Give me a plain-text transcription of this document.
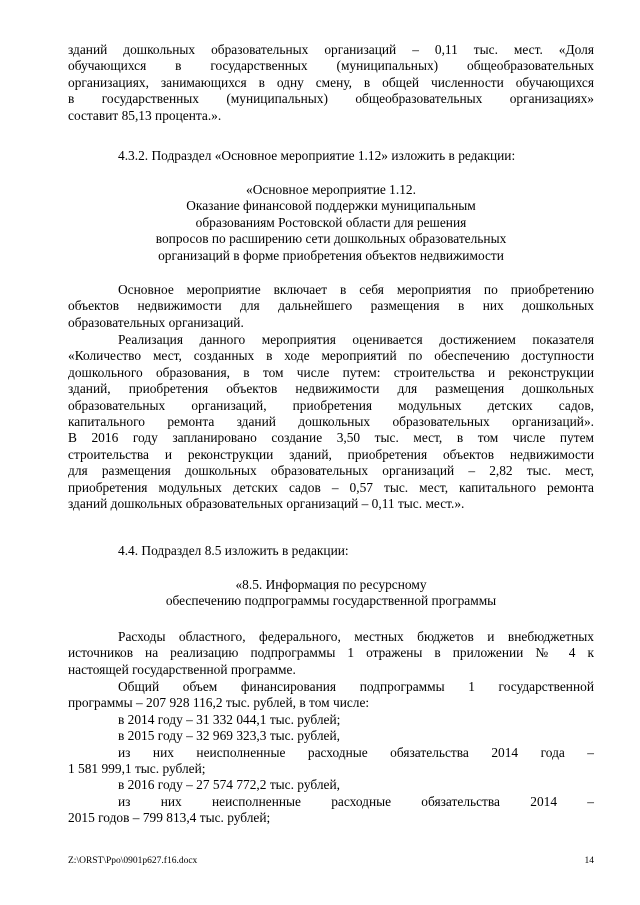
зданий дошкольных образовательных организаций – 0,11 тыс. мест. «Доля
обучающихся в государственных (муниципальных) общеобразовательных
организациях, занимающихся в одну смену, в общей численности обучающихся
в государственных (муниципальных) общеобразовательных организациях»
составит 85,13 процента.».
4.3.2. Подраздел «Основное мероприятие 1.12» изложить в редакции:
«Основное мероприятие 1.12.
Оказание финансовой поддержки муниципальным
образованиям Ростовской области для решения
вопросов по расширению сети дошкольных образовательных
организаций в форме приобретения объектов недвижимости
Основное мероприятие включает в себя мероприятия по приобретению
объектов недвижимости для дальнейшего размещения в них дошкольных
образовательных организаций.
Реализация данного мероприятия оценивается достижением показателя
«Количество мест, созданных в ходе мероприятий по обеспечению доступности
дошкольного образования, в том числе путем: строительства и реконструкции
зданий, приобретения объектов недвижимости для размещения дошкольных
образовательных организаций, приобретения модульных детских садов,
капитального ремонта зданий дошкольных образовательных организаций».
В 2016 году запланировано создание 3,50 тыс. мест, в том числе путем
строительства и реконструкции зданий, приобретения объектов недвижимости
для размещения дошкольных образовательных организаций – 2,82 тыс. мест,
приобретения модульных детских садов – 0,57 тыс. мест, капитального ремонта
зданий дошкольных образовательных организаций – 0,11 тыс. мест.».
4.4. Подраздел 8.5 изложить в редакции:
«8.5. Информация по ресурсному
обеспечению подпрограммы государственной программы
Расходы областного, федерального, местных бюджетов и внебюджетных
источников на реализацию подпрограммы 1 отражены в приложении № 4 к
настоящей государственной программе.
Общий объем финансирования подпрограммы 1 государственной
программы – 207 928 116,2 тыс. рублей, в том числе:
в 2014 году – 31 332 044,1 тыс. рублей;
в 2015 году – 32 969 323,3 тыс. рублей,
из них неисполненные расходные обязательства 2014 года –
1 581 999,1 тыс. рублей;
в 2016 году – 27 574 772,2 тыс. рублей,
из них неисполненные расходные обязательства 2014 –
2015 годов – 799 813,4 тыс. рублей;
Z:\ORST\Ppo\0901p627.f16.docx	14
